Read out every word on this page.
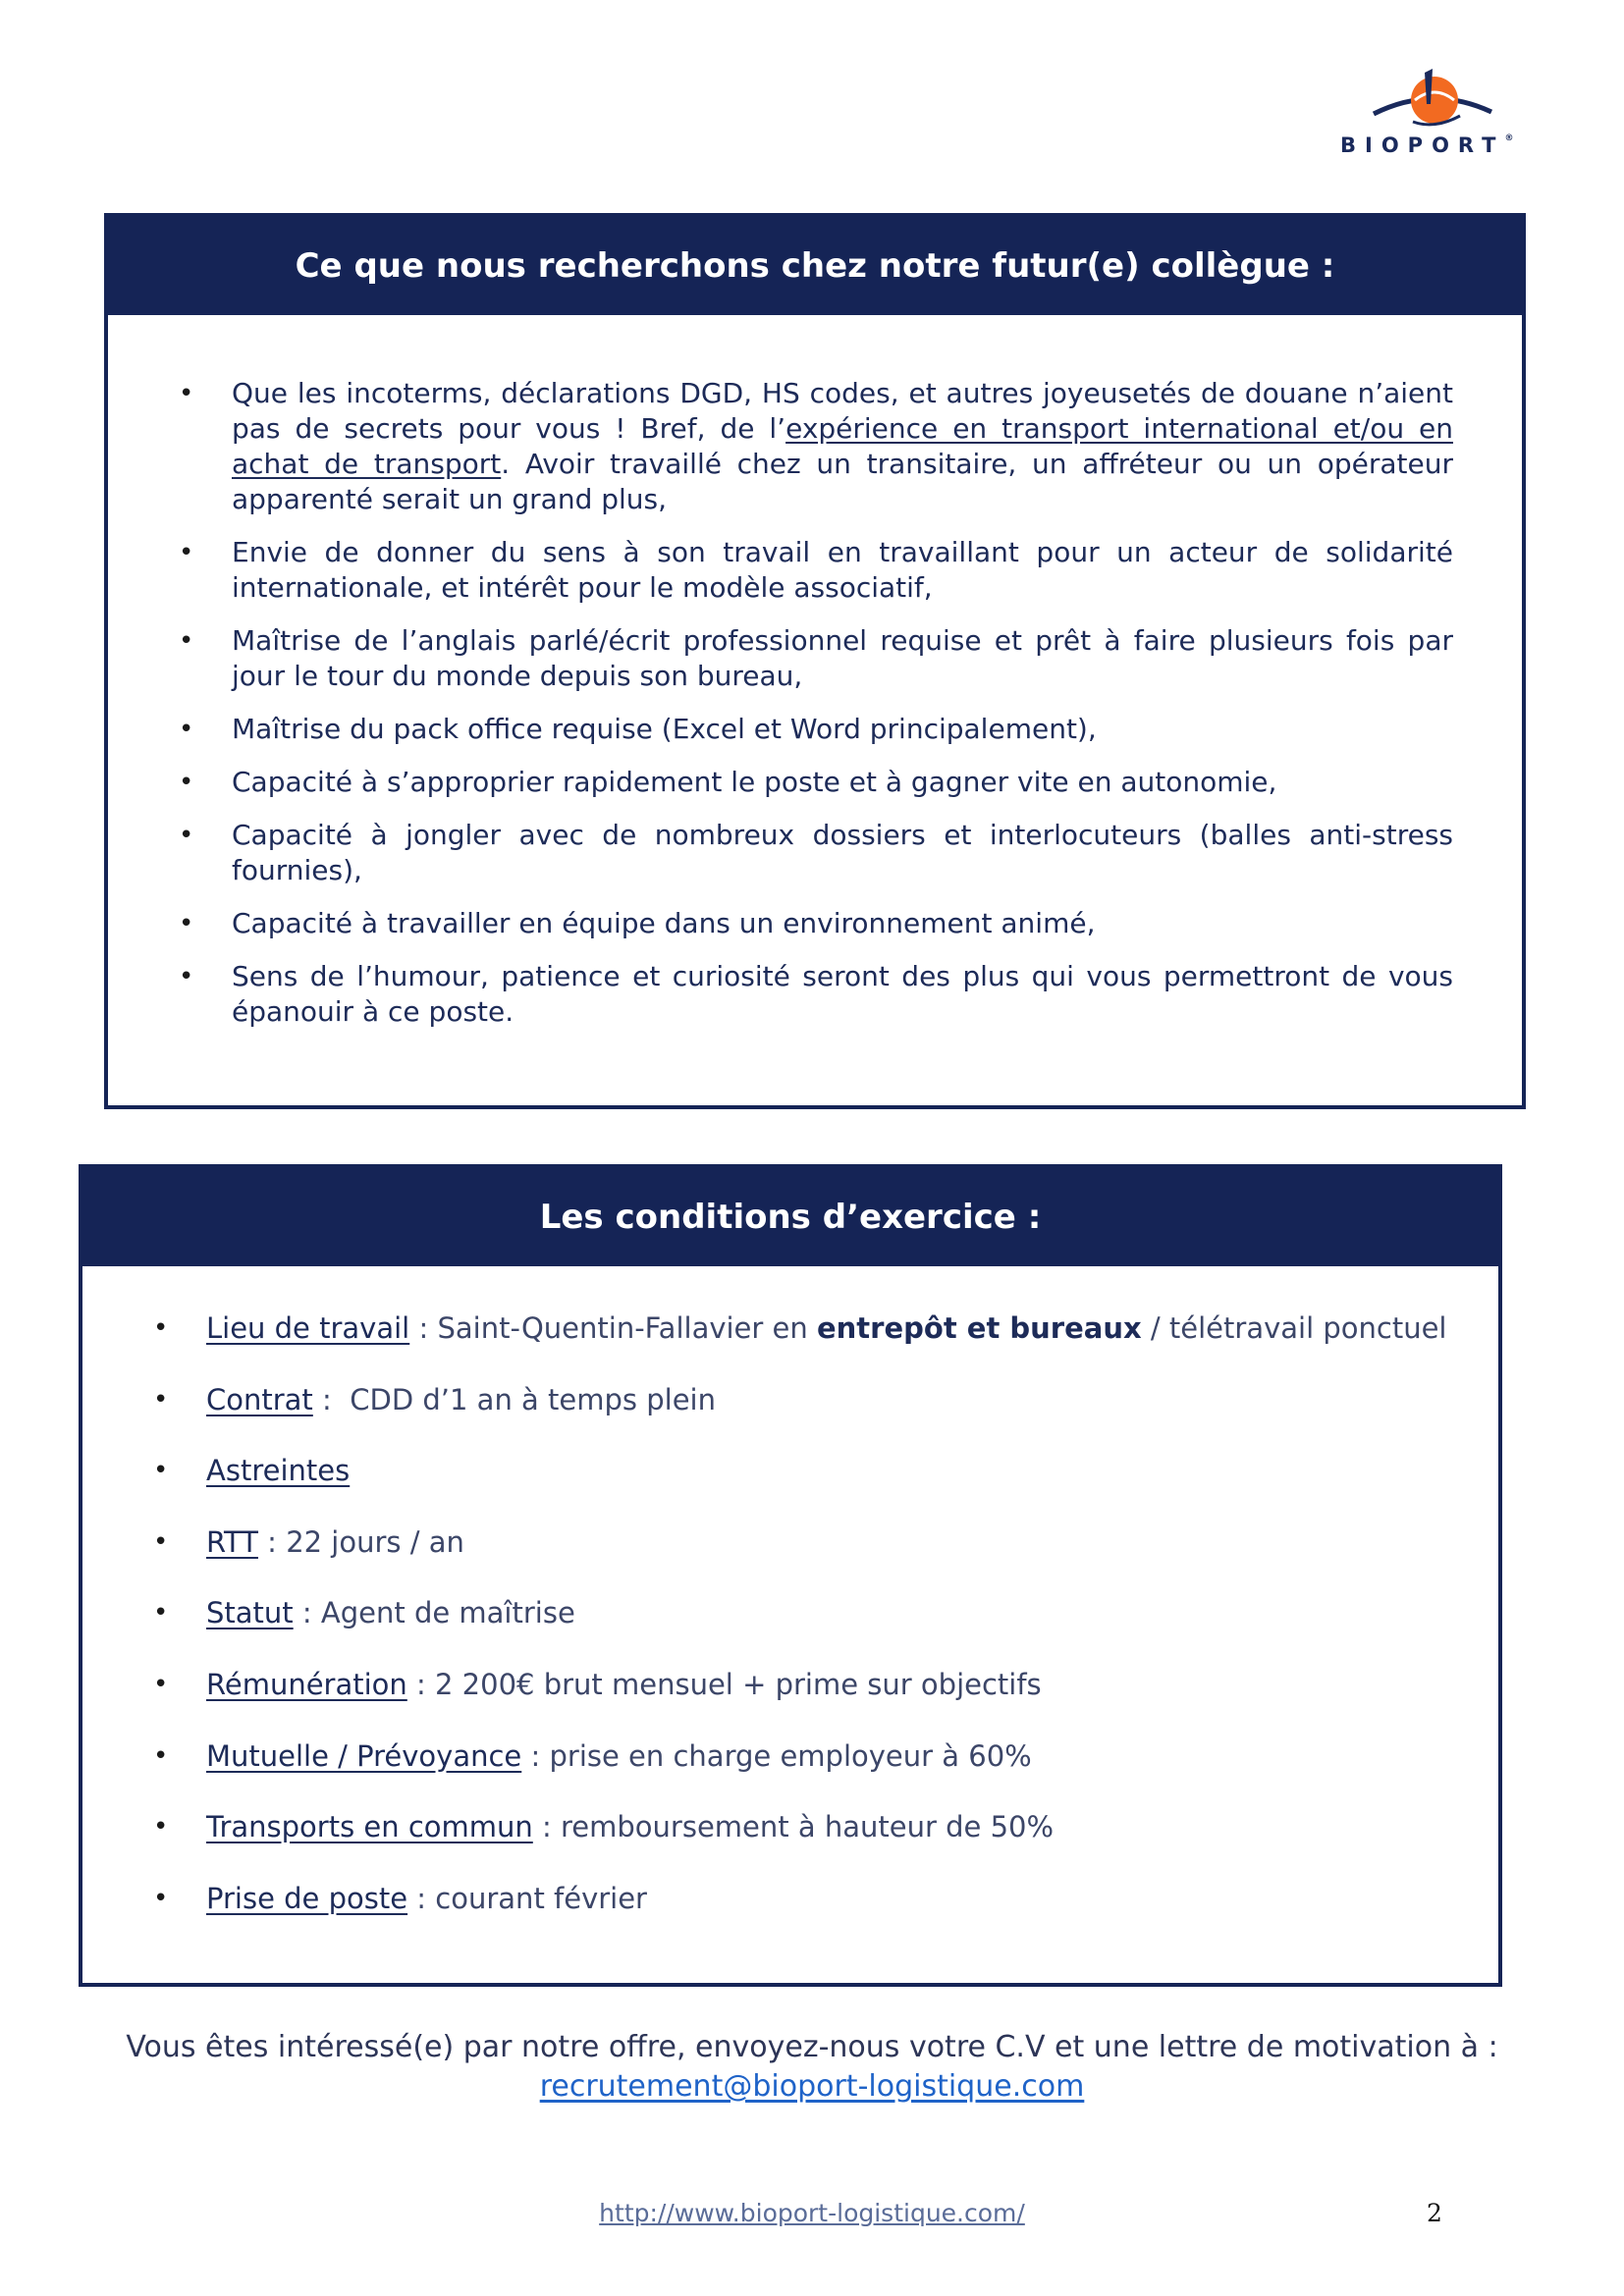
BIOPORT®
Ce que nous recherchons chez notre futur(e) collègue :
• Que les incoterms, déclarations DGD, HS codes, et autres joyeusetés de douane n’aient pas de secrets pour vous ! Bref, de l’expérience en transport international et/ou en achat de transport. Avoir travaillé chez un transitaire, un affréteur ou un opérateur apparenté serait un grand plus,
• Envie de donner du sens à son travail en travaillant pour un acteur de solidarité internationale, et intérêt pour le modèle associatif,
• Maîtrise de l’anglais parlé/écrit professionnel requise et prêt à faire plusieurs fois par jour le tour du monde depuis son bureau,
• Maîtrise du pack office requise (Excel et Word principalement),
• Capacité à s’approprier rapidement le poste et à gagner vite en autonomie,
• Capacité à jongler avec de nombreux dossiers et interlocuteurs (balles anti-stress fournies),
• Capacité à travailler en équipe dans un environnement animé,
• Sens de l’humour, patience et curiosité seront des plus qui vous permettront de vous épanouir à ce poste.
Les conditions d’exercice :
• Lieu de travail : Saint-Quentin-Fallavier en entrepôt et bureaux / télétravail ponctuel
• Contrat :  CDD d’1 an à temps plein
• Astreintes
• RTT : 22 jours / an
• Statut : Agent de maîtrise
• Rémunération : 2 200€ brut mensuel + prime sur objectifs
• Mutuelle / Prévoyance : prise en charge employeur à 60%
• Transports en commun : remboursement à hauteur de 50%
• Prise de poste : courant février
Vous êtes intéressé(e) par notre offre, envoyez-nous votre C.V et une lettre de motivation à :
recrutement@bioport-logistique.com
http://www.bioport-logistique.com/	2
